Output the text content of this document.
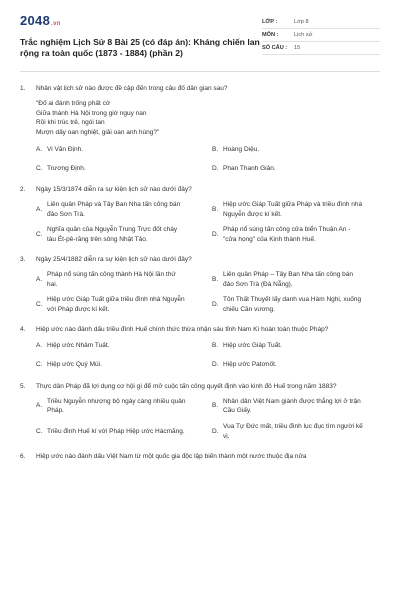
2048.vn
Trắc nghiệm Lịch Sử 8 Bài 25 (có đáp án): Kháng chiến lan rộng ra toàn quốc (1873 - 1884) (phần 2)
LỚP :	Lớp 8
MÔN :	Lịch sử
SỐ CÂU :	15
1.	Nhân vật lịch sử nào được đề cập đến trong câu đố dân gian sau?
"Đố ai đánh trống phất cờ
Giữa thành Hà Nội trong giờ nguy nan
Rồi khi trúc trẻ, ngói tan
Mượn dây oan nghiệt, giải oan anh hùng?"
A. Vi Văn Định.	B. Hoàng Diệu.
C. Trương Định.	D. Phan Thanh Giản.
2.	Ngày 15/3/1874 diễn ra sự kiện lịch sử nào dưới đây?
A.
Liên quân Pháp và Tây Ban Nha tấn công bán đảo Sơn Trà.
B.
Hiệp ước Giáp Tuất giữa Pháp và triều đình nhà Nguyễn được kí kết.
C.
Nghĩa quân của Nguyễn Trung Trực đốt cháy tàu Ét-pê-răng trên sông Nhật Tảo.
D.
Pháp nổ súng tấn công cửa biển Thuận An - "cửa họng" của Kinh thành Huế.
3.	Ngày 25/4/1882 diễn ra sự kiện lịch sử nào dưới đây?
A.
Pháp nổ súng tấn công thành Hà Nội lần thứ hai.
B.
Liên quân Pháp – Tây Ban Nha tấn công bán đảo Sơn Trà (Đà Nẵng).
C.
Hiệp ước Giáp Tuất giữa triều đình nhà Nguyễn với Pháp được kí kết.
D.
Tôn Thất Thuyết lấy danh vua Hàm Nghi, xuống chiếu Cần vương.
4.	Hiệp ước nào đánh dấu triều đình Huế chính thức thừa nhận sáu tỉnh Nam Kì hoàn toàn thuộc Pháp?
A. Hiệp ước Nhâm Tuất.	B. Hiệp ước Giáp Tuất.
C. Hiệp ước Quý Mùi.	D. Hiệp ước Patơnốt.
5.	Thực dân Pháp đã lợi dụng cơ hội gì để mở cuộc tấn công quyết định vào kinh đô Huế trong năm 1883?
A.
Triều Nguyễn nhượng bộ ngày càng nhiều quân Pháp.
B.
Nhân dân Việt Nam giành được thắng lợi ở trận Cầu Giấy.
C. Triều đình Huế kí với Pháp Hiệp ước Hácmăng.	D.
Vua Tự Đức mất, triều đình lục đục tìm người kế vị.
6.	Hiệp ước nào đánh dấu Việt Nam từ một quốc gia độc lập biến thành một nước thuộc địa nửa
